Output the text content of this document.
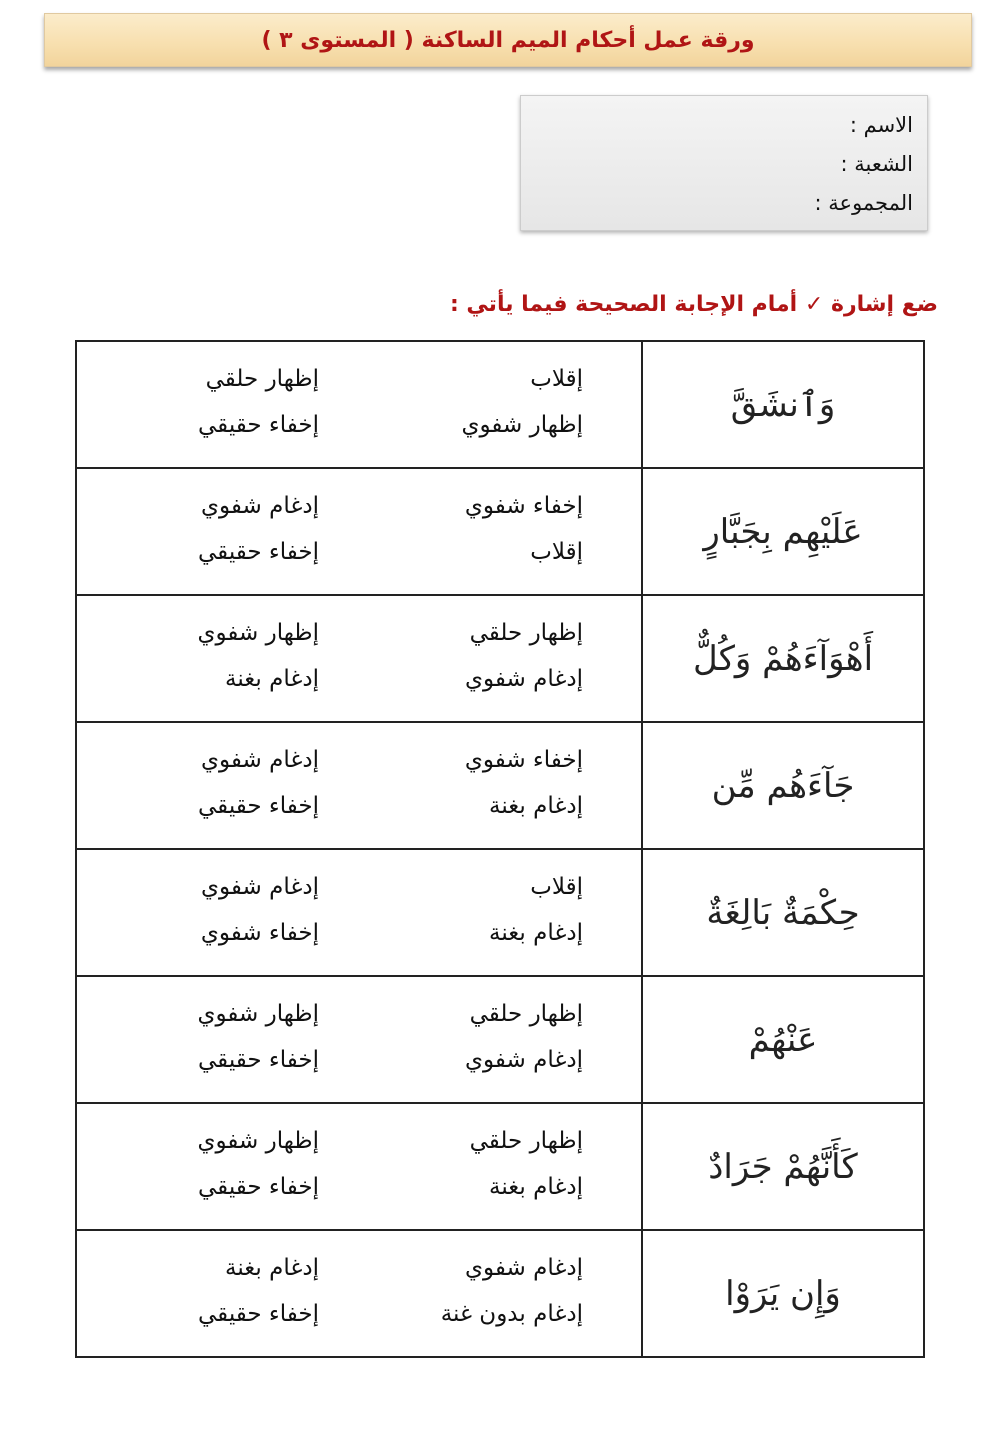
ورقة عمل أحكام الميم الساكنة ( المستوى ٣ )
الاسم :
الشعبة :
المجموعة :
ضع إشارة ✓ أمام الإجابة الصحيحة فيما يأتي :
وَٱنشَقَّ	إقلاب
إظهار شفوي
إظهار حلقي
إخفاء حقيقي

عَلَيْهِم بِجَبَّارٍ	إخفاء شفوي
إقلاب
إدغام شفوي
إخفاء حقيقي

أَهْوَآءَهُمْ وَكُلٌّ	إظهار حلقي
إدغام شفوي
إظهار شفوي
إدغام بغنة

جَآءَهُم مِّن	إخفاء شفوي
إدغام بغنة
إدغام شفوي
إخفاء حقيقي

حِكْمَةٌ بَالِغَةٌ	إقلاب
إدغام بغنة
إدغام شفوي
إخفاء شفوي

عَنْهُمْ	إظهار حلقي
إدغام شفوي
إظهار شفوي
إخفاء حقيقي

كَأَنَّهُمْ جَرَادٌ	إظهار حلقي
إدغام بغنة
إظهار شفوي
إخفاء حقيقي

وَإِن يَرَوْا	إدغام شفوي
إدغام بدون غنة
إدغام بغنة
إخفاء حقيقي
